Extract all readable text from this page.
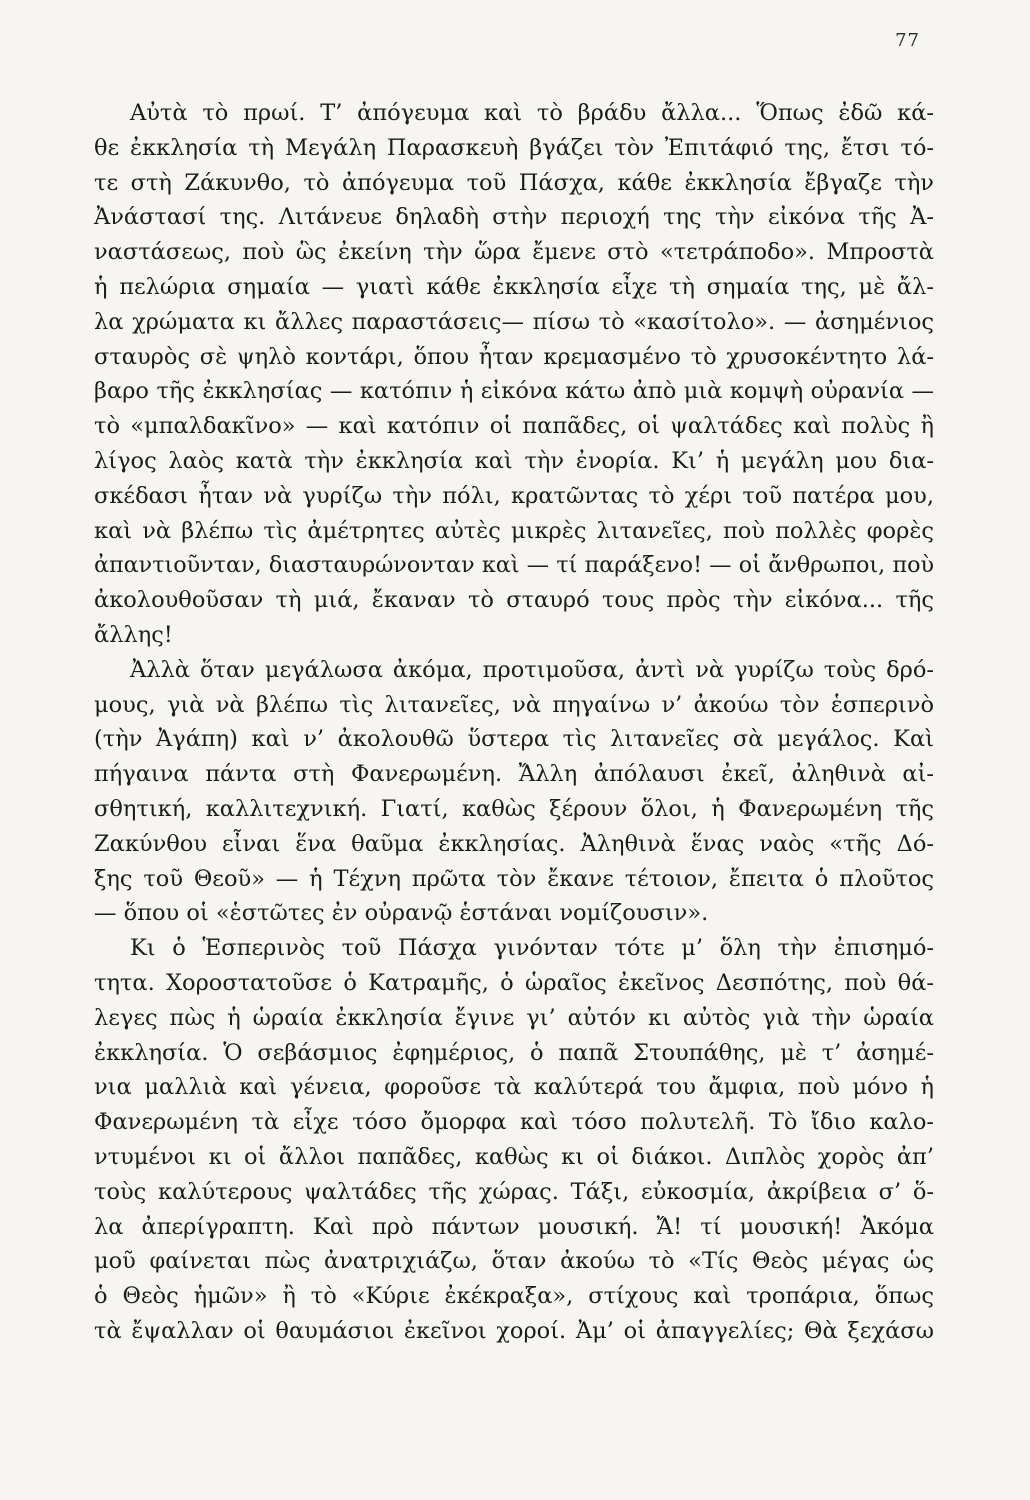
77
Αὐτὰ τὸ πρωί. Τ’ ἀπόγευμα καὶ τὸ βράδυ ἄλλα... Ὅπως ἐδῶ κά-
θε ἐκκλησία τὴ Μεγάλη Παρασκευὴ βγάζει τὸν Ἐπιτάφιό της, ἔτσι τό-
τε στὴ Ζάκυνθο, τὸ ἀπόγευμα τοῦ Πάσχα, κάθε ἐκκλησία ἔβγαζε τὴν
Ἀνάστασί της. Λιτάνευε δηλαδὴ στὴν περιοχή της τὴν εἰκόνα τῆς Ἀ-
ναστάσεως, ποὺ ὣς ἐκείνη τὴν ὥρα ἔμενε στὸ «τετράποδο». Μπροστὰ
ἡ πελώρια σημαία — γιατὶ κάθε ἐκκλησία εἶχε τὴ σημαία της, μὲ ἄλ-
λα χρώματα κι ἄλλες παραστάσεις— πίσω τὸ «κασίτολο». — ἀσημένιος
σταυρὸς σὲ ψηλὸ κοντάρι, ὅπου ἦταν κρεμασμένο τὸ χρυσοκέντητο λά-
βαρο τῆς ἐκκλησίας — κατόπιν ἡ εἰκόνα κάτω ἀπὸ μιὰ κομψὴ οὐρανία —
τὸ «μπαλδακῖνο» — καὶ κατόπιν οἱ παπᾶδες, οἱ ψαλτάδες καὶ πολὺς ἢ
λίγος λαὸς κατὰ τὴν ἐκκλησία καὶ τὴν ἐνορία. Κι’ ἡ μεγάλη μου δια-
σκέδασι ἦταν νὰ γυρίζω τὴν πόλι, κρατῶντας τὸ χέρι τοῦ πατέρα μου,
καὶ νὰ βλέπω τὶς ἀμέτρητες αὐτὲς μικρὲς λιτανεῖες, ποὺ πολλὲς φορὲς
ἀπαντιοῦνταν, διασταυρώνονταν καὶ — τί παράξενο! — οἱ ἄνθρωποι, ποὺ
ἀκολουθοῦσαν τὴ μιά, ἔκαναν τὸ σταυρό τους πρὸς τὴν εἰκόνα... τῆς
ἄλλης!
Ἀλλὰ ὅταν μεγάλωσα ἀκόμα, προτιμοῦσα, ἀντὶ νὰ γυρίζω τοὺς δρό-
μους, γιὰ νὰ βλέπω τὶς λιτανεῖες, νὰ πηγαίνω ν’ ἀκούω τὸν ἑσπερινὸ
(τὴν Ἀγάπη) καὶ ν’ ἀκολουθῶ ὕστερα τὶς λιτανεῖες σὰ μεγάλος. Καὶ
πήγαινα πάντα στὴ Φανερωμένη. Ἄλλη ἀπόλαυσι ἐκεῖ, ἀληθινὰ αἰ-
σθητική, καλλιτεχνική. Γιατί, καθὼς ξέρουν ὅλοι, ἡ Φανερωμένη τῆς
Ζακύνθου εἶναι ἕνα θαῦμα ἐκκλησίας. Ἀληθινὰ ἕνας ναὸς «τῆς Δό-
ξης τοῦ Θεοῦ» — ἡ Τέχνη πρῶτα τὸν ἔκανε τέτοιον, ἔπειτα ὁ πλοῦτος
— ὅπου οἱ «ἑστῶτες ἐν οὐρανῷ ἑστάναι νομίζουσιν».
Κι ὁ Ἑσπερινὸς τοῦ Πάσχα γινόνταν τότε μ’ ὅλη τὴν ἐπισημό-
τητα. Χοροστατοῦσε ὁ Κατραμῆς, ὁ ὡραῖος ἐκεῖνος Δεσπότης, ποὺ θά-
λεγες πὼς ἡ ὡραία ἐκκλησία ἔγινε γι’ αὐτόν κι αὐτὸς γιὰ τὴν ὡραία
ἐκκλησία. Ὁ σεβάσμιος ἐφημέριος, ὁ παπᾶ Στουπάθης, μὲ τ’ ἀσημέ-
νια μαλλιὰ καὶ γένεια, φοροῦσε τὰ καλύτερά του ἄμφια, ποὺ μόνο ἡ
Φανερωμένη τὰ εἶχε τόσο ὄμορφα καὶ τόσο πολυτελῆ. Τὸ ἴδιο καλο-
ντυμένοι κι οἱ ἄλλοι παπᾶδες, καθὼς κι οἱ διάκοι. Διπλὸς χορὸς ἀπ’
τοὺς καλύτερους ψαλτάδες τῆς χώρας. Τάξι, εὐκοσμία, ἀκρίβεια σ’ ὅ-
λα ἀπερίγραπτη. Καὶ πρὸ πάντων μουσική. Ἄ! τί μουσική! Ἀκόμα
μοῦ φαίνεται πὼς ἀνατριχιάζω, ὅταν ἀκούω τὸ «Τίς Θεὸς μέγας ὡς
ὁ Θεὸς ἡμῶν» ἢ τὸ «Κύριε ἐκέκραξα», στίχους καὶ τροπάρια, ὅπως
τὰ ἔψαλλαν οἱ θαυμάσιοι ἐκεῖνοι χοροί. Ἀμ’ οἱ ἀπαγγελίες; Θὰ ξεχάσω
